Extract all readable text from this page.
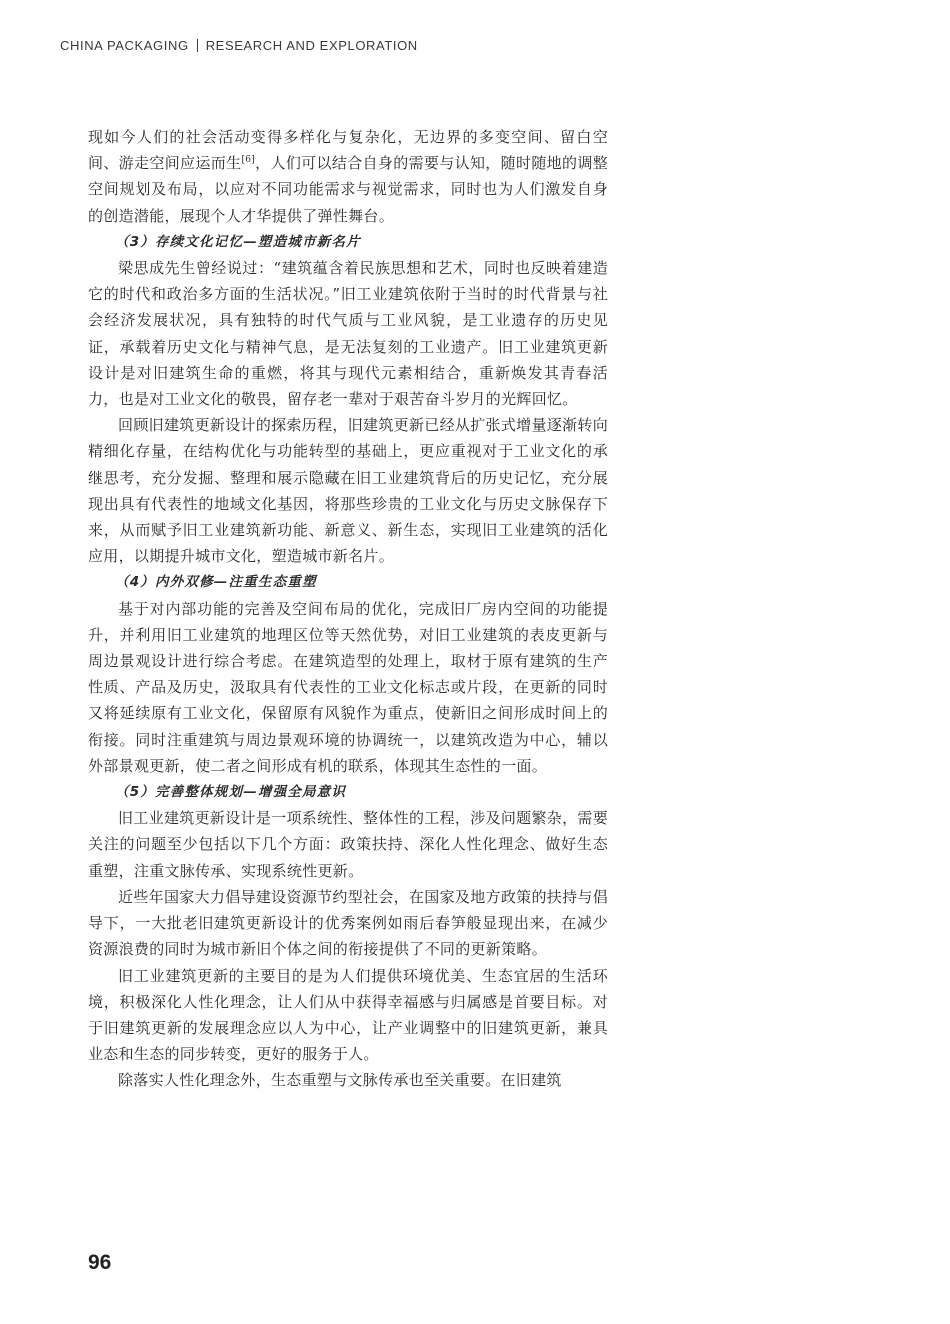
CHINA PACKAGING RESEARCH AND EXPLORATION

现如今人们的社会活动变得多样化与复杂化，无边界的多变空间、留白空间、游走空间应运而生[6]，人们可以结合自身的需要与认知，随时随地的调整空间规划及布局，以应对不同功能需求与视觉需求，同时也为人们激发自身的创造潜能，展现个人才华提供了弹性舞台。

（3）存续文化记忆—塑造城市新名片

梁思成先生曾经说过：“建筑蕴含着民族思想和艺术，同时也反映着建造它的时代和政治多方面的生活状况。”旧工业建筑依附于当时的时代背景与社会经济发展状况，具有独特的时代气质与工业风貌，是工业遗存的历史见证，承载着历史文化与精神气息，是无法复刻的工业遗产。旧工业建筑更新设计是对旧建筑生命的重燃，将其与现代元素相结合，重新焕发其青春活力，也是对工业文化的敬畏，留存老一辈对于艰苦奋斗岁月的光辉回忆。

回顾旧建筑更新设计的探索历程，旧建筑更新已经从扩张式增量逐渐转向精细化存量，在结构优化与功能转型的基础上，更应重视对于工业文化的承继思考，充分发掘、整理和展示隐藏在旧工业建筑背后的历史记忆，充分展现出具有代表性的地域文化基因，将那些珍贵的工业文化与历史文脉保存下来，从而赋予旧工业建筑新功能、新意义、新生态，实现旧工业建筑的活化应用，以期提升城市文化，塑造城市新名片。

（4）内外双修—注重生态重塑

基于对内部功能的完善及空间布局的优化，完成旧厂房内空间的功能提升，并利用旧工业建筑的地理区位等天然优势，对旧工业建筑的表皮更新与周边景观设计进行综合考虑。在建筑造型的处理上，取材于原有建筑的生产性质、产品及历史，汲取具有代表性的工业文化标志或片段，在更新的同时又将延续原有工业文化，保留原有风貌作为重点，使新旧之间形成时间上的衔接。同时注重建筑与周边景观环境的协调统一，以建筑改造为中心，辅以外部景观更新，使二者之间形成有机的联系，体现其生态性的一面。

（5）完善整体规划—增强全局意识

旧工业建筑更新设计是一项系统性、整体性的工程，涉及问题繁杂，需要关注的问题至少包括以下几个方面：政策扶持、深化人性化理念、做好生态重塑，注重文脉传承、实现系统性更新。

近些年国家大力倡导建设资源节约型社会，在国家及地方政策的扶持与倡导下，一大批老旧建筑更新设计的优秀案例如雨后春笋般显现出来，在减少资源浪费的同时为城市新旧个体之间的衔接提供了不同的更新策略。

旧工业建筑更新的主要目的是为人们提供环境优美、生态宜居的生活环境，积极深化人性化理念，让人们从中获得幸福感与归属感是首要目标。对于旧建筑更新的发展理念应以人为中心，让产业调整中的旧建筑更新，兼具业态和生态的同步转变，更好的服务于人。

除落实人性化理念外，生态重塑与文脉传承也至关重要。在旧建筑

96
